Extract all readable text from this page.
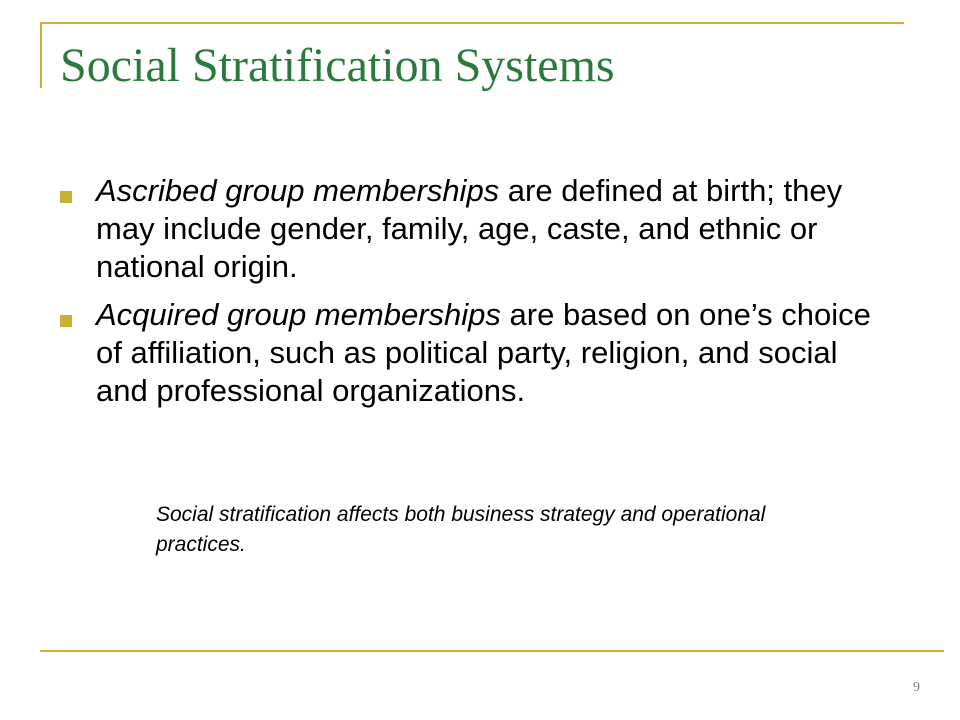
Social Stratification Systems
Ascribed group memberships are defined at birth; they may include gender, family, age, caste, and ethnic or national origin.
Acquired group memberships are based on one’s choice of affiliation, such as political party, religion, and social and professional organizations.

Social stratification affects both business strategy and operational practices.

9
